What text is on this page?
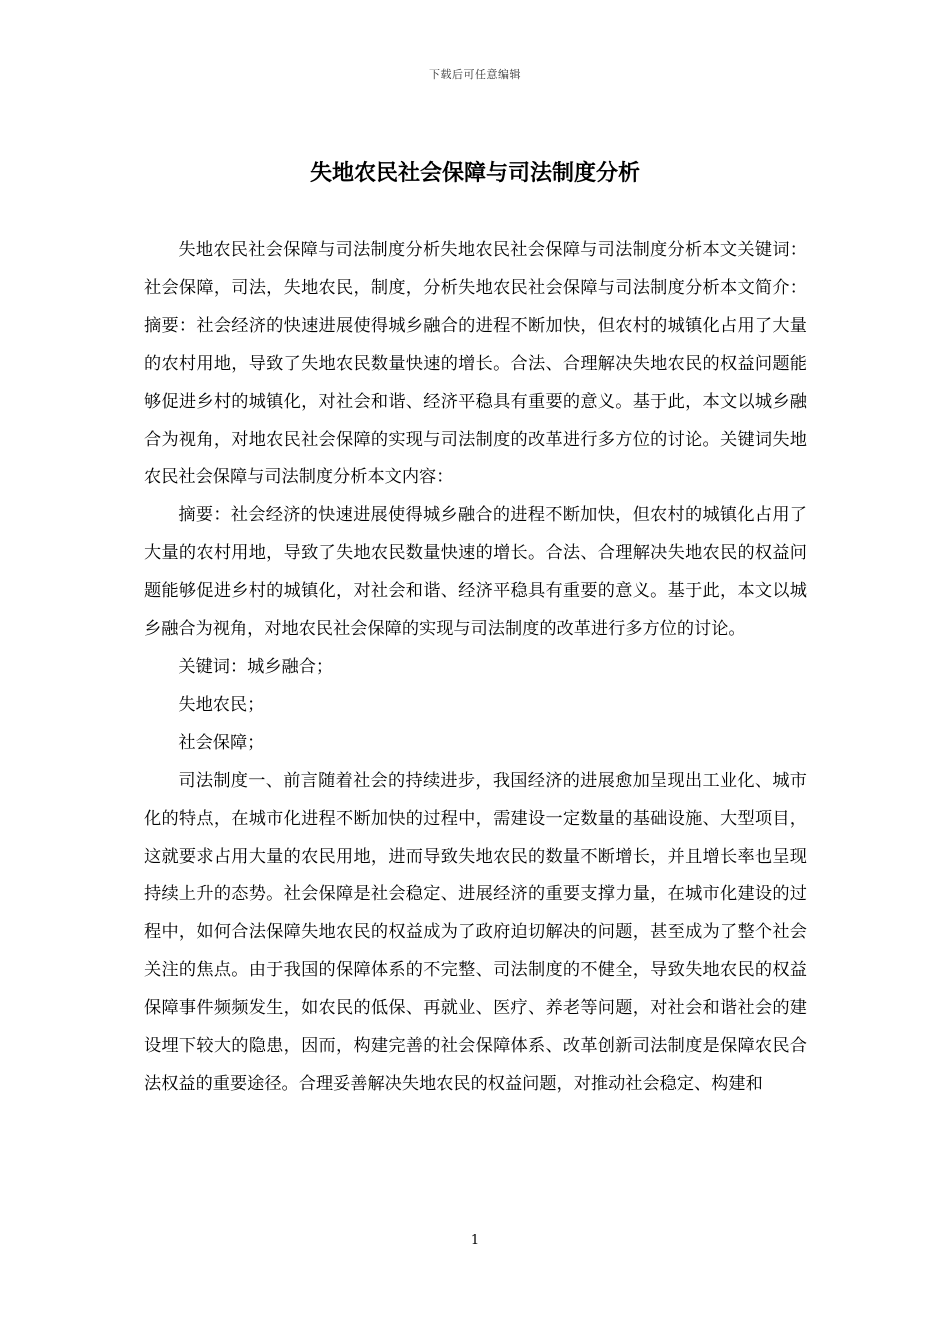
下载后可任意编辑
失地农民社会保障与司法制度分析

失地农民社会保障与司法制度分析失地农民社会保障与司法制度分析本文关键词：社会保障，司法，失地农民，制度，分析失地农民社会保障与司法制度分析本文简介：摘要：社会经济的快速进展使得城乡融合的进程不断加快，但农村的城镇化占用了大量的农村用地，导致了失地农民数量快速的增长。合法、合理解决失地农民的权益问题能够促进乡村的城镇化，对社会和谐、经济平稳具有重要的意义。基于此，本文以城乡融合为视角，对地农民社会保障的实现与司法制度的改革进行多方位的讨论。关键词失地农民社会保障与司法制度分析本文内容：

摘要：社会经济的快速进展使得城乡融合的进程不断加快，但农村的城镇化占用了大量的农村用地，导致了失地农民数量快速的增长。合法、合理解决失地农民的权益问题能够促进乡村的城镇化，对社会和谐、经济平稳具有重要的意义。基于此，本文以城乡融合为视角，对地农民社会保障的实现与司法制度的改革进行多方位的讨论。

关键词：城乡融合；

失地农民；

社会保障；

司法制度一、前言随着社会的持续进步，我国经济的进展愈加呈现出工业化、城市化的特点，在城市化进程不断加快的过程中，需建设一定数量的基础设施、大型项目，这就要求占用大量的农民用地，进而导致失地农民的数量不断增长，并且增长率也呈现持续上升的态势。社会保障是社会稳定、进展经济的重要支撑力量，在城市化建设的过程中，如何合法保障失地农民的权益成为了政府迫切解决的问题，甚至成为了整个社会关注的焦点。由于我国的保障体系的不完整、司法制度的不健全，导致失地农民的权益保障事件频频发生，如农民的低保、再就业、医疗、养老等问题，对社会和谐社会的建设埋下较大的隐患，因而，构建完善的社会保障体系、改革创新司法制度是保障农民合法权益的重要途径。合理妥善解决失地农民的权益问题，对推动社会稳定、构建和

1
